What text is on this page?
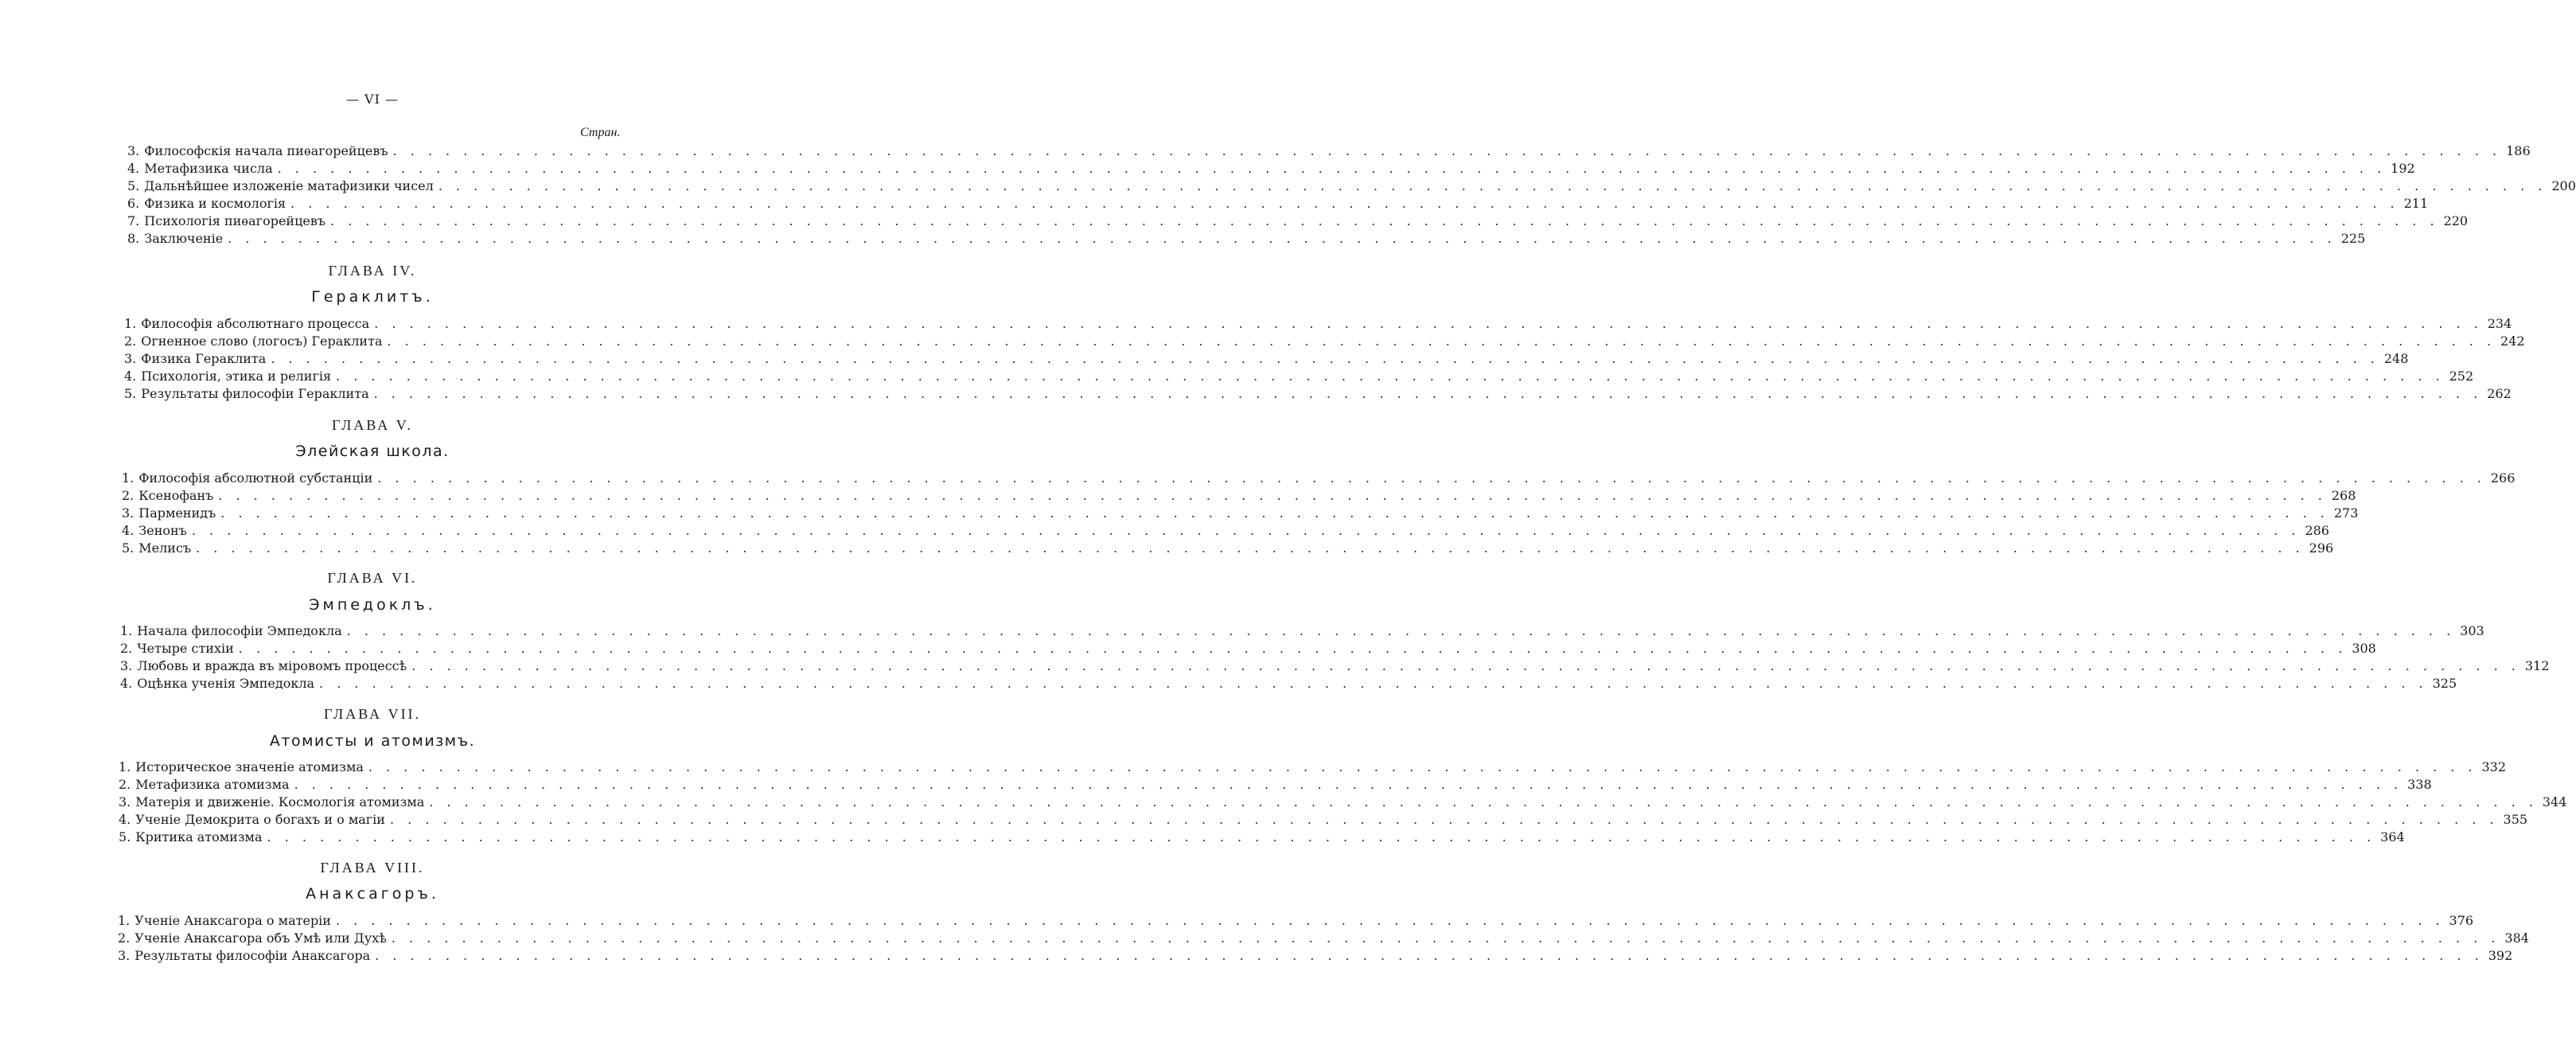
— VI —
Стран.
3. Философскiя начала пиѳагорейцевъ . . . . . . . . . . . . . . . . . . . . . . . . . . . . . . . . . . . . . . . . . . . . . . . . . . . . . . . . . . . . . . . . . . . . . . . . . . . . . . . . . . . . . . . . . . . . . . . . . . . . . . . . . . . . . . . . . . . . . . . . 186
4. Метафизика числа . . . . . . . . . . . . . . . . . . . . . . . . . . . . . . . . . . . . . . . . . . . . . . . . . . . . . . . . . . . . . . . . . . . . . . . . . . . . . . . . . . . . . . . . . . . . . . . . . . . . . . . . . . . . . . . . . . . . . . . . 192
5. Дальнѣйшее изложенiе матафизики чисел . . . . . . . . . . . . . . . . . . . . . . . . . . . . . . . . . . . . . . . . . . . . . . . . . . . . . . . . . . . . . . . . . . . . . . . . . . . . . . . . . . . . . . . . . . . . . . . . . . . . . . . . . . . . . . . . . . . . . . . . 200
6. Физика и космологiя . . . . . . . . . . . . . . . . . . . . . . . . . . . . . . . . . . . . . . . . . . . . . . . . . . . . . . . . . . . . . . . . . . . . . . . . . . . . . . . . . . . . . . . . . . . . . . . . . . . . . . . . . . . . . . . . . . . . . . . . 211
7. Психологiя пиѳагорейцевъ . . . . . . . . . . . . . . . . . . . . . . . . . . . . . . . . . . . . . . . . . . . . . . . . . . . . . . . . . . . . . . . . . . . . . . . . . . . . . . . . . . . . . . . . . . . . . . . . . . . . . . . . . . . . . . . . . . . . . . . . 220
8. Заключенiе . . . . . . . . . . . . . . . . . . . . . . . . . . . . . . . . . . . . . . . . . . . . . . . . . . . . . . . . . . . . . . . . . . . . . . . . . . . . . . . . . . . . . . . . . . . . . . . . . . . . . . . . . . . . . . . . . . . . . . . . 225
ГЛАВА IV.
Гераклитъ.
1. Философiя абсолютнаго процесса . . . . . . . . . . . . . . . . . . . . . . . . . . . . . . . . . . . . . . . . . . . . . . . . . . . . . . . . . . . . . . . . . . . . . . . . . . . . . . . . . . . . . . . . . . . . . . . . . . . . . . . . . . . . . . . . . . . . . . . . 234
2. Огненное слово (логосъ) Гераклита . . . . . . . . . . . . . . . . . . . . . . . . . . . . . . . . . . . . . . . . . . . . . . . . . . . . . . . . . . . . . . . . . . . . . . . . . . . . . . . . . . . . . . . . . . . . . . . . . . . . . . . . . . . . . . . . . . . . . . . . 242
3. Физика Гераклита . . . . . . . . . . . . . . . . . . . . . . . . . . . . . . . . . . . . . . . . . . . . . . . . . . . . . . . . . . . . . . . . . . . . . . . . . . . . . . . . . . . . . . . . . . . . . . . . . . . . . . . . . . . . . . . . . . . . . . . . 248
4. Психологiя, этика и религiя . . . . . . . . . . . . . . . . . . . . . . . . . . . . . . . . . . . . . . . . . . . . . . . . . . . . . . . . . . . . . . . . . . . . . . . . . . . . . . . . . . . . . . . . . . . . . . . . . . . . . . . . . . . . . . . . . . . . . . . . 252
5. Результаты философiи Гераклита . . . . . . . . . . . . . . . . . . . . . . . . . . . . . . . . . . . . . . . . . . . . . . . . . . . . . . . . . . . . . . . . . . . . . . . . . . . . . . . . . . . . . . . . . . . . . . . . . . . . . . . . . . . . . . . . . . . . . . . . 262
ГЛАВА V.
Элейская школа.
1. Философiя абсолютной субстанцiи . . . . . . . . . . . . . . . . . . . . . . . . . . . . . . . . . . . . . . . . . . . . . . . . . . . . . . . . . . . . . . . . . . . . . . . . . . . . . . . . . . . . . . . . . . . . . . . . . . . . . . . . . . . . . . . . . . . . . . . . 266
2. Ксенофанъ . . . . . . . . . . . . . . . . . . . . . . . . . . . . . . . . . . . . . . . . . . . . . . . . . . . . . . . . . . . . . . . . . . . . . . . . . . . . . . . . . . . . . . . . . . . . . . . . . . . . . . . . . . . . . . . . . . . . . . . . 268
3. Парменидъ . . . . . . . . . . . . . . . . . . . . . . . . . . . . . . . . . . . . . . . . . . . . . . . . . . . . . . . . . . . . . . . . . . . . . . . . . . . . . . . . . . . . . . . . . . . . . . . . . . . . . . . . . . . . . . . . . . . . . . . . 273
4. Зенонъ . . . . . . . . . . . . . . . . . . . . . . . . . . . . . . . . . . . . . . . . . . . . . . . . . . . . . . . . . . . . . . . . . . . . . . . . . . . . . . . . . . . . . . . . . . . . . . . . . . . . . . . . . . . . . . . . . . . . . . . . 286
5. Мелисъ . . . . . . . . . . . . . . . . . . . . . . . . . . . . . . . . . . . . . . . . . . . . . . . . . . . . . . . . . . . . . . . . . . . . . . . . . . . . . . . . . . . . . . . . . . . . . . . . . . . . . . . . . . . . . . . . . . . . . . . . 296
ГЛАВА VI.
Эмпедоклъ.
1. Начала философiи Эмпедокла . . . . . . . . . . . . . . . . . . . . . . . . . . . . . . . . . . . . . . . . . . . . . . . . . . . . . . . . . . . . . . . . . . . . . . . . . . . . . . . . . . . . . . . . . . . . . . . . . . . . . . . . . . . . . . . . . . . . . . . . 303
2. Четыре стихiи . . . . . . . . . . . . . . . . . . . . . . . . . . . . . . . . . . . . . . . . . . . . . . . . . . . . . . . . . . . . . . . . . . . . . . . . . . . . . . . . . . . . . . . . . . . . . . . . . . . . . . . . . . . . . . . . . . . . . . . . 308
3. Любовь и вражда въ мiровомъ процессѣ . . . . . . . . . . . . . . . . . . . . . . . . . . . . . . . . . . . . . . . . . . . . . . . . . . . . . . . . . . . . . . . . . . . . . . . . . . . . . . . . . . . . . . . . . . . . . . . . . . . . . . . . . . . . . . . . . . . . . . . . 312
4. Оцѣнка ученiя Эмпедокла . . . . . . . . . . . . . . . . . . . . . . . . . . . . . . . . . . . . . . . . . . . . . . . . . . . . . . . . . . . . . . . . . . . . . . . . . . . . . . . . . . . . . . . . . . . . . . . . . . . . . . . . . . . . . . . . . . . . . . . . 325
ГЛАВА VII.
Атомисты и атомизмъ.
1. Историческое значенiе атомизма . . . . . . . . . . . . . . . . . . . . . . . . . . . . . . . . . . . . . . . . . . . . . . . . . . . . . . . . . . . . . . . . . . . . . . . . . . . . . . . . . . . . . . . . . . . . . . . . . . . . . . . . . . . . . . . . . . . . . . . . 332
2. Метафизика атомизма . . . . . . . . . . . . . . . . . . . . . . . . . . . . . . . . . . . . . . . . . . . . . . . . . . . . . . . . . . . . . . . . . . . . . . . . . . . . . . . . . . . . . . . . . . . . . . . . . . . . . . . . . . . . . . . . . . . . . . . . 338
3. Матерiя и движенiе. Космологiя атомизма . . . . . . . . . . . . . . . . . . . . . . . . . . . . . . . . . . . . . . . . . . . . . . . . . . . . . . . . . . . . . . . . . . . . . . . . . . . . . . . . . . . . . . . . . . . . . . . . . . . . . . . . . . . . . . . . . . . . . . . . 344
4. Ученiе Демокрита о богахъ и о магiи . . . . . . . . . . . . . . . . . . . . . . . . . . . . . . . . . . . . . . . . . . . . . . . . . . . . . . . . . . . . . . . . . . . . . . . . . . . . . . . . . . . . . . . . . . . . . . . . . . . . . . . . . . . . . . . . . . . . . . . . 355
5. Критика атомизма . . . . . . . . . . . . . . . . . . . . . . . . . . . . . . . . . . . . . . . . . . . . . . . . . . . . . . . . . . . . . . . . . . . . . . . . . . . . . . . . . . . . . . . . . . . . . . . . . . . . . . . . . . . . . . . . . . . . . . . . 364
ГЛАВА VIII.
Анаксагоръ.
1. Ученiе Анаксагора о матерiи . . . . . . . . . . . . . . . . . . . . . . . . . . . . . . . . . . . . . . . . . . . . . . . . . . . . . . . . . . . . . . . . . . . . . . . . . . . . . . . . . . . . . . . . . . . . . . . . . . . . . . . . . . . . . . . . . . . . . . . . 376
2. Ученiе Анаксагора объ Умѣ или Духѣ . . . . . . . . . . . . . . . . . . . . . . . . . . . . . . . . . . . . . . . . . . . . . . . . . . . . . . . . . . . . . . . . . . . . . . . . . . . . . . . . . . . . . . . . . . . . . . . . . . . . . . . . . . . . . . . . . . . . . . . . 384
3. Результаты философiи Анаксагора . . . . . . . . . . . . . . . . . . . . . . . . . . . . . . . . . . . . . . . . . . . . . . . . . . . . . . . . . . . . . . . . . . . . . . . . . . . . . . . . . . . . . . . . . . . . . . . . . . . . . . . . . . . . . . . . . . . . . . . . 392
